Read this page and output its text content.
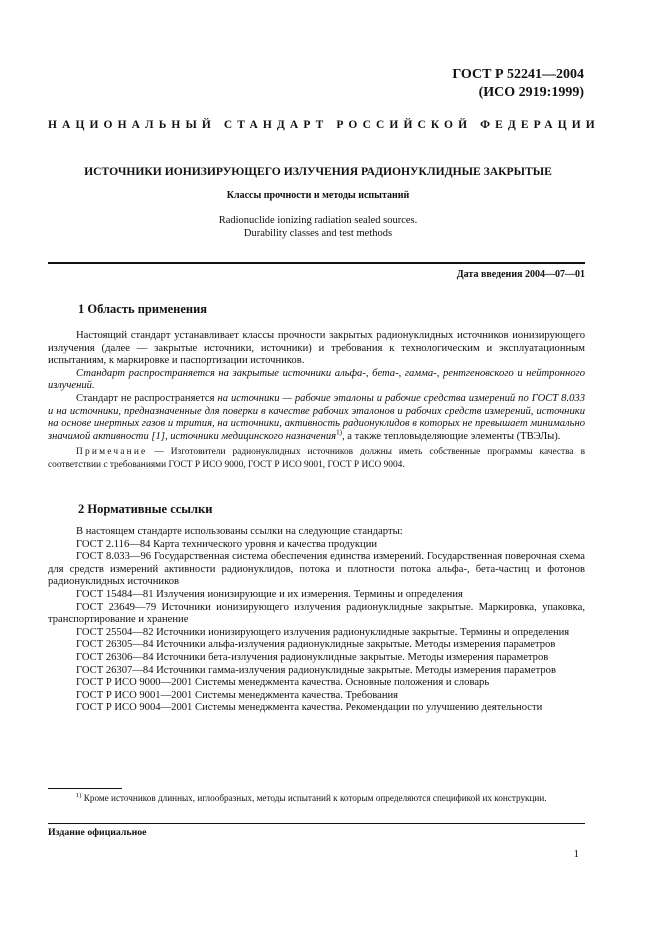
ГОСТ Р 52241—2004
(ИСО 2919:1999)
НАЦИОНАЛЬНЫЙ СТАНДАРТ РОССИЙСКОЙ ФЕДЕРАЦИИ
ИСТОЧНИКИ ИОНИЗИРУЮЩЕГО ИЗЛУЧЕНИЯ РАДИОНУКЛИДНЫЕ ЗАКРЫТЫЕ
Классы прочности и методы испытаний
Radionuclide ionizing radiation sealed sources.
Durability classes and test methods
Дата введения 2004—07—01
1 Область применения

Настоящий стандарт устанавливает классы прочности закрытых радионуклидных источников ионизирующего излучения (далее — закрытые источники, источники) и требования к технологическим и эксплуатационным испытаниям, к маркировке и паспортизации источников.

Стандарт распространяется на закрытые источники альфа-, бета-, гамма-, рентгеновского и нейтронного излучений.

Стандарт не распространяется на источники — рабочие эталоны и рабочие средства измерений по ГОСТ 8.033 и на источники, предназначенные для поверки в качестве рабочих эталонов и рабочих средств измерений, источники на основе инертных газов и трития, на источники, активность радионуклидов в которых не превышает минимально значимой активности [1], источники медицинского назначения$^{1)}$, а также тепловыделяющие элементы (ТВЭЛы).

Примечание — Изготовители радионуклидных источников должны иметь собственные программы качества в соответствии с требованиями ГОСТ Р ИСО 9000, ГОСТ Р ИСО 9001, ГОСТ Р ИСО 9004.

2 Нормативные ссылки

В настоящем стандарте использованы ссылки на следующие стандарты:

ГОСТ 2.116—84 Карта технического уровня и качества продукции

ГОСТ 8.033—96 Государственная система обеспечения единства измерений. Государственная поверочная схема для средств измерений активности радионуклидов, потока и плотности потока альфа-, бета-частиц и фотонов радионуклидных источников

ГОСТ 15484—81 Излучения ионизирующие и их измерения. Термины и определения

ГОСТ 23649—79 Источники ионизирующего излучения радионуклидные закрытые. Маркировка, упаковка, транспортирование и хранение

ГОСТ 25504—82 Источники ионизирующего излучения радионуклидные закрытые. Термины и определения

ГОСТ 26305—84 Источники альфа-излучения радионуклидные закрытые. Методы измерения параметров

ГОСТ 26306—84 Источники бета-излучения радионуклидные закрытые. Методы измерения параметров

ГОСТ 26307—84 Источники гамма-излучения радионуклидные закрытые. Методы измерения параметров

ГОСТ Р ИСО 9000—2001 Системы менеджмента качества. Основные положения и словарь

ГОСТ Р ИСО 9001—2001 Системы менеджмента качества. Требования

ГОСТ Р ИСО 9004—2001 Системы менеджмента качества. Рекомендации по улучшению деятельности

$^{1)}$ Кроме источников длинных, иглообразных, методы испытаний к которым определяются спецификой их конструкции.

Издание официальное
1
